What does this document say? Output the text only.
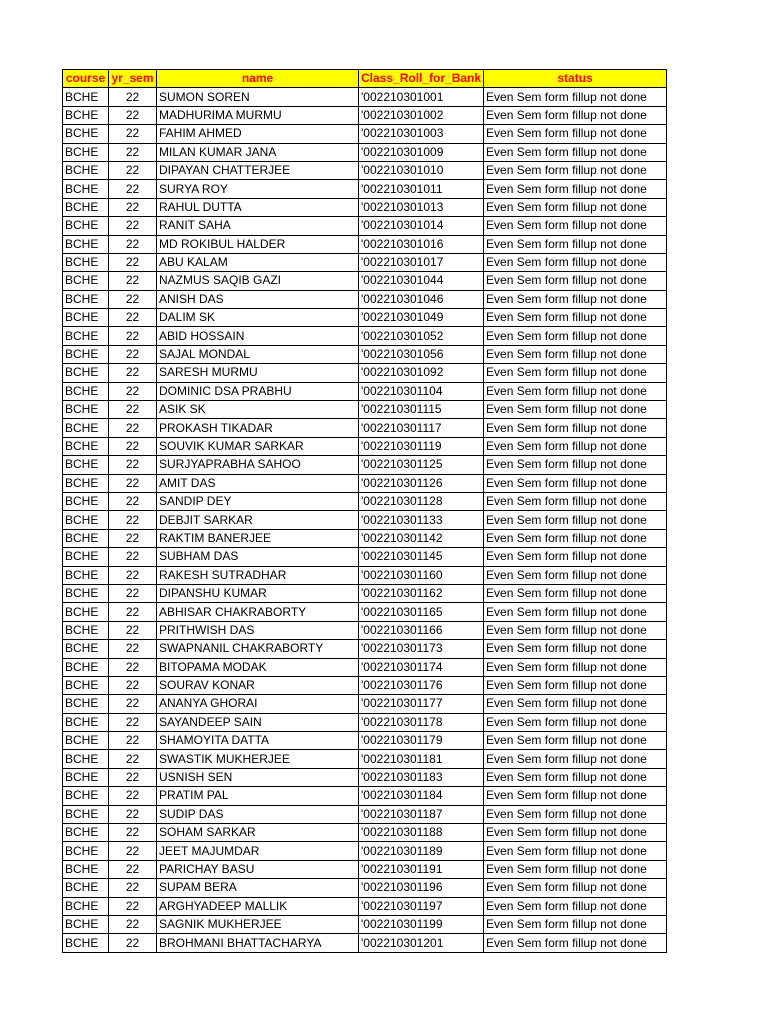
course	yr_sem	name	Class_Roll_for_Bank	status
BCHE	22	SUMON SOREN	'002210301001	Even Sem form fillup not done
BCHE	22	MADHURIMA MURMU	'002210301002	Even Sem form fillup not done
BCHE	22	FAHIM AHMED	'002210301003	Even Sem form fillup not done
BCHE	22	MILAN KUMAR JANA	'002210301009	Even Sem form fillup not done
BCHE	22	DIPAYAN CHATTERJEE	'002210301010	Even Sem form fillup not done
BCHE	22	SURYA ROY	'002210301011	Even Sem form fillup not done
BCHE	22	RAHUL DUTTA	'002210301013	Even Sem form fillup not done
BCHE	22	RANIT SAHA	'002210301014	Even Sem form fillup not done
BCHE	22	MD ROKIBUL HALDER	'002210301016	Even Sem form fillup not done
BCHE	22	ABU KALAM	'002210301017	Even Sem form fillup not done
BCHE	22	NAZMUS SAQIB GAZI	'002210301044	Even Sem form fillup not done
BCHE	22	ANISH DAS	'002210301046	Even Sem form fillup not done
BCHE	22	DALIM SK	'002210301049	Even Sem form fillup not done
BCHE	22	ABID HOSSAIN	'002210301052	Even Sem form fillup not done
BCHE	22	SAJAL MONDAL	'002210301056	Even Sem form fillup not done
BCHE	22	SARESH MURMU	'002210301092	Even Sem form fillup not done
BCHE	22	DOMINIC DSA PRABHU	'002210301104	Even Sem form fillup not done
BCHE	22	ASIK SK	'002210301115	Even Sem form fillup not done
BCHE	22	PROKASH TIKADAR	'002210301117	Even Sem form fillup not done
BCHE	22	SOUVIK KUMAR SARKAR	'002210301119	Even Sem form fillup not done
BCHE	22	SURJYAPRABHA SAHOO	'002210301125	Even Sem form fillup not done
BCHE	22	AMIT DAS	'002210301126	Even Sem form fillup not done
BCHE	22	SANDIP DEY	'002210301128	Even Sem form fillup not done
BCHE	22	DEBJIT SARKAR	'002210301133	Even Sem form fillup not done
BCHE	22	RAKTIM BANERJEE	'002210301142	Even Sem form fillup not done
BCHE	22	SUBHAM DAS	'002210301145	Even Sem form fillup not done
BCHE	22	RAKESH SUTRADHAR	'002210301160	Even Sem form fillup not done
BCHE	22	DIPANSHU KUMAR	'002210301162	Even Sem form fillup not done
BCHE	22	ABHISAR CHAKRABORTY	'002210301165	Even Sem form fillup not done
BCHE	22	PRITHWISH DAS	'002210301166	Even Sem form fillup not done
BCHE	22	SWAPNANIL CHAKRABORTY	'002210301173	Even Sem form fillup not done
BCHE	22	BITOPAMA MODAK	'002210301174	Even Sem form fillup not done
BCHE	22	SOURAV KONAR	'002210301176	Even Sem form fillup not done
BCHE	22	ANANYA GHORAI	'002210301177	Even Sem form fillup not done
BCHE	22	SAYANDEEP SAIN	'002210301178	Even Sem form fillup not done
BCHE	22	SHAMOYITA DATTA	'002210301179	Even Sem form fillup not done
BCHE	22	SWASTIK MUKHERJEE	'002210301181	Even Sem form fillup not done
BCHE	22	USNISH SEN	'002210301183	Even Sem form fillup not done
BCHE	22	PRATIM PAL	'002210301184	Even Sem form fillup not done
BCHE	22	SUDIP DAS	'002210301187	Even Sem form fillup not done
BCHE	22	SOHAM SARKAR	'002210301188	Even Sem form fillup not done
BCHE	22	JEET MAJUMDAR	'002210301189	Even Sem form fillup not done
BCHE	22	PARICHAY BASU	'002210301191	Even Sem form fillup not done
BCHE	22	SUPAM BERA	'002210301196	Even Sem form fillup not done
BCHE	22	ARGHYADEEP MALLIK	'002210301197	Even Sem form fillup not done
BCHE	22	SAGNIK MUKHERJEE	'002210301199	Even Sem form fillup not done
BCHE	22	BROHMANI BHATTACHARYA	'002210301201	Even Sem form fillup not done
